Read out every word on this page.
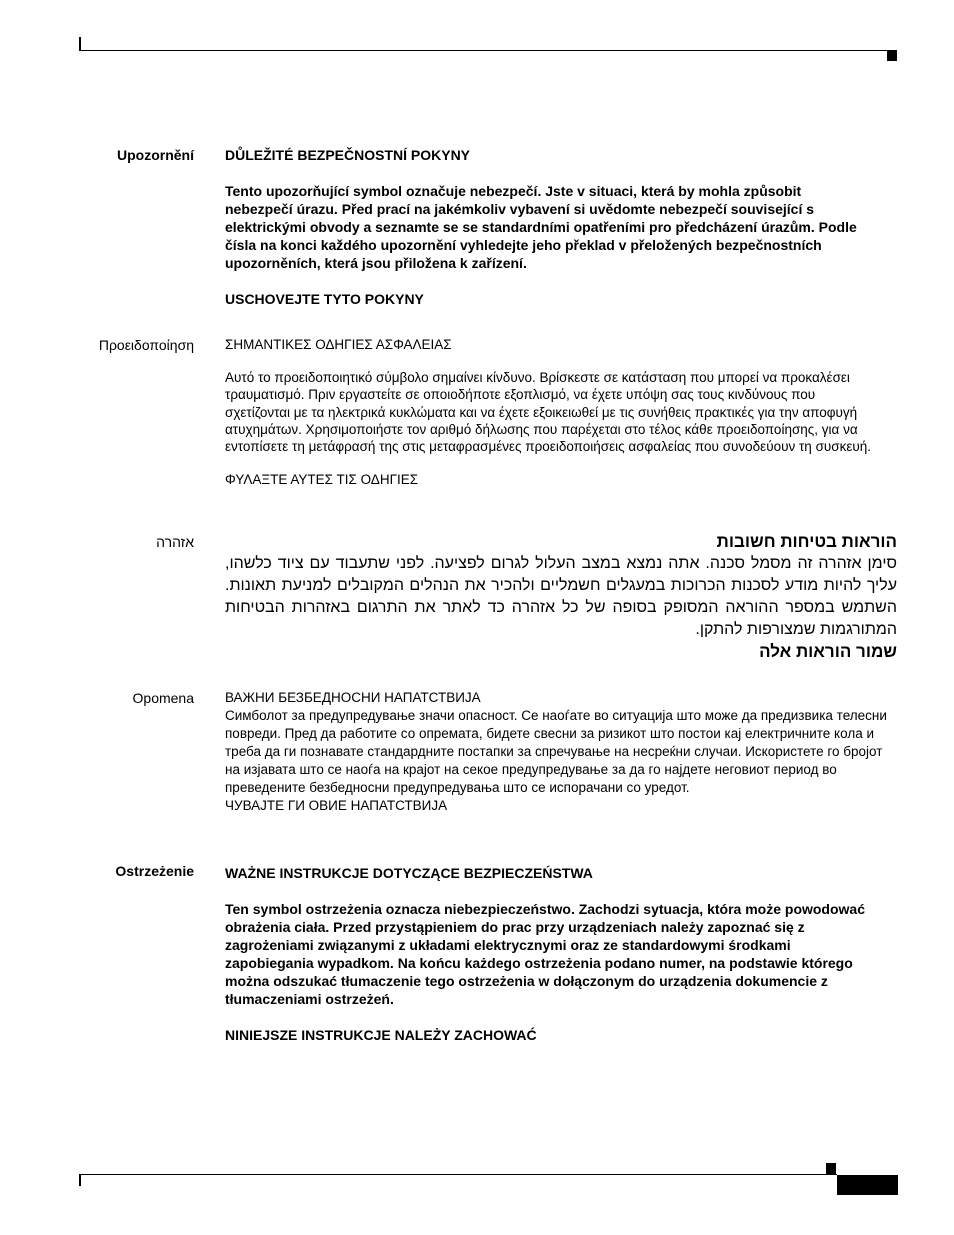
Upozornění DŮLEŽITÉ BEZPEČNOSTNÍ POKYNY

Tento upozorňující symbol označuje nebezpečí. Jste v situaci, která by mohla způsobit nebezpečí úrazu. Před prací na jakémkoliv vybavení si uvědomte nebezpečí související s elektrickými obvody a seznamte se se standardními opatřeními pro předcházení úrazům. Podle čísla na konci každého upozornění vyhledejte jeho překlad v přeložených bezpečnostních upozorněních, která jsou přiložena k zařízení.

USCHOVEJTE TYTO POKYNY

Προειδοποίηση ΣΗΜΑΝΤΙΚΕΣ ΟΔΗΓΙΕΣ ΑΣΦΑΛΕΙΑΣ

Αυτό το προειδοποιητικό σύμβολο σημαίνει κίνδυνο. Βρίσκεστε σε κατάσταση που μπορεί να προκαλέσει τραυματισμό. Πριν εργαστείτε σε οποιοδήποτε εξοπλισμό, να έχετε υπόψη σας τους κινδύνους που σχετίζονται με τα ηλεκτρικά κυκλώματα και να έχετε εξοικειωθεί με τις συνήθεις πρακτικές για την αποφυγή ατυχημάτων. Χρησιμοποιήστε τον αριθμό δήλωσης που παρέχεται στο τέλος κάθε προειδοποίησης, για να εντοπίσετε τη μετάφρασή της στις μεταφρασμένες προειδοποιήσεις ασφαλείας που συνοδεύουν τη συσκευή.

ΦΥΛΑΞΤΕ ΑΥΤΕΣ ΤΙΣ ΟΔΗΓΙΕΣ

אזהרה	הוראות בטיחות חשובות

סימן אזהרה זה מסמל סכנה. אתה נמצא במצב העלול לגרום לפציעה. לפני שתעבוד עם ציוד כלשהו, עליך להיות מודע לסכנות הכרוכות במעגלים חשמליים ולהכיר את הנהלים המקובלים למניעת תאונות. השתמש במספר ההוראה המסופק בסופה של כל אזהרה כד לאתר את התרגום באזהרות הבטיחות המתורגמות שמצורפות להתקן.

שמור הוראות אלה

Opomena ВАЖНИ БЕЗБЕДНОСНИ НАПАТСТВИЈА

Симболот за предупредување значи опасност. Се наоѓате во ситуација што може да предизвика телесни повреди. Пред да работите со опремата, бидете свесни за ризикот што постои кај електричните кола и треба да ги познавате стандардните постапки за спречување на несреќни случаи. Искористете го бројот на изјавата што се наоѓа на крајот на секое предупредување за да го најдете неговиот период во преведените безбедносни предупредувања што се испорачани со уредот.

ЧУВАЈТЕ ГИ ОВИЕ НАПАТСТВИЈА

Ostrzeżenie WAŻNE INSTRUKCJE DOTYCZĄCE BEZPIECZEŃSTWA

Ten symbol ostrzeżenia oznacza niebezpieczeństwo. Zachodzi sytuacja, która może powodować obrażenia ciała. Przed przystąpieniem do prac przy urządzeniach należy zapoznać się z zagrożeniami związanymi z układami elektrycznymi oraz ze standardowymi środkami zapobiegania wypadkom. Na końcu każdego ostrzeżenia podano numer, na podstawie którego można odszukać tłumaczenie tego ostrzeżenia w dołączonym do urządzenia dokumencie z tłumaczeniami ostrzeżeń.

NINIEJSZE INSTRUKCJE NALEŻY ZACHOWAĆ
